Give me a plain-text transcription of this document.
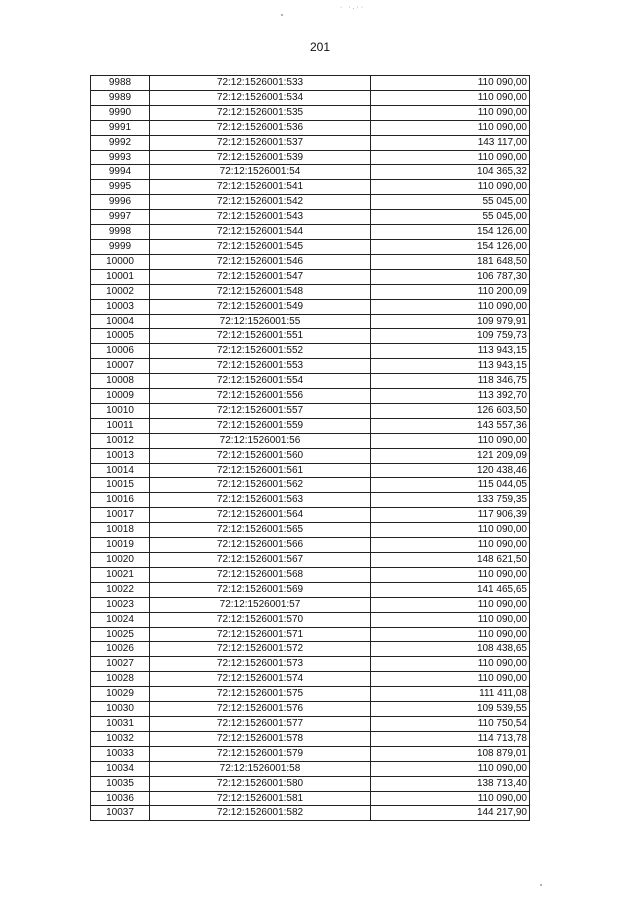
· ·.··
201
9988	72:12:1526001:533	110 090,00
9989	72:12:1526001:534	110 090,00
9990	72:12:1526001:535	110 090,00
9991	72:12:1526001:536	110 090,00
9992	72:12:1526001:537	143 117,00
9993	72:12:1526001:539	110 090,00
9994	72:12:1526001:54	104 365,32
9995	72:12:1526001:541	110 090,00
9996	72:12:1526001:542	55 045,00
9997	72:12:1526001:543	55 045,00
9998	72:12:1526001:544	154 126,00
9999	72:12:1526001:545	154 126,00
10000	72:12:1526001:546	181 648,50
10001	72:12:1526001:547	106 787,30
10002	72:12:1526001:548	110 200,09
10003	72:12:1526001:549	110 090,00
10004	72:12:1526001:55	109 979,91
10005	72:12:1526001:551	109 759,73
10006	72:12:1526001:552	113 943,15
10007	72:12:1526001:553	113 943,15
10008	72:12:1526001:554	118 346,75
10009	72:12:1526001:556	113 392,70
10010	72:12:1526001:557	126 603,50
10011	72:12:1526001:559	143 557,36
10012	72:12:1526001:56	110 090,00
10013	72:12:1526001:560	121 209,09
10014	72:12:1526001:561	120 438,46
10015	72:12:1526001:562	115 044,05
10016	72:12:1526001:563	133 759,35
10017	72:12:1526001:564	117 906,39
10018	72:12:1526001:565	110 090,00
10019	72:12:1526001:566	110 090,00
10020	72:12:1526001:567	148 621,50
10021	72:12:1526001:568	110 090,00
10022	72:12:1526001:569	141 465,65
10023	72:12:1526001:57	110 090,00
10024	72:12:1526001:570	110 090,00
10025	72:12:1526001:571	110 090,00
10026	72:12:1526001:572	108 438,65
10027	72:12:1526001:573	110 090,00
10028	72:12:1526001:574	110 090,00
10029	72:12:1526001:575	111 411,08
10030	72:12:1526001:576	109 539,55
10031	72:12:1526001:577	110 750,54
10032	72:12:1526001:578	114 713,78
10033	72:12:1526001:579	108 879,01
10034	72:12:1526001:58	110 090,00
10035	72:12:1526001:580	138 713,40
10036	72:12:1526001:581	110 090,00
10037	72:12:1526001:582	144 217,90
